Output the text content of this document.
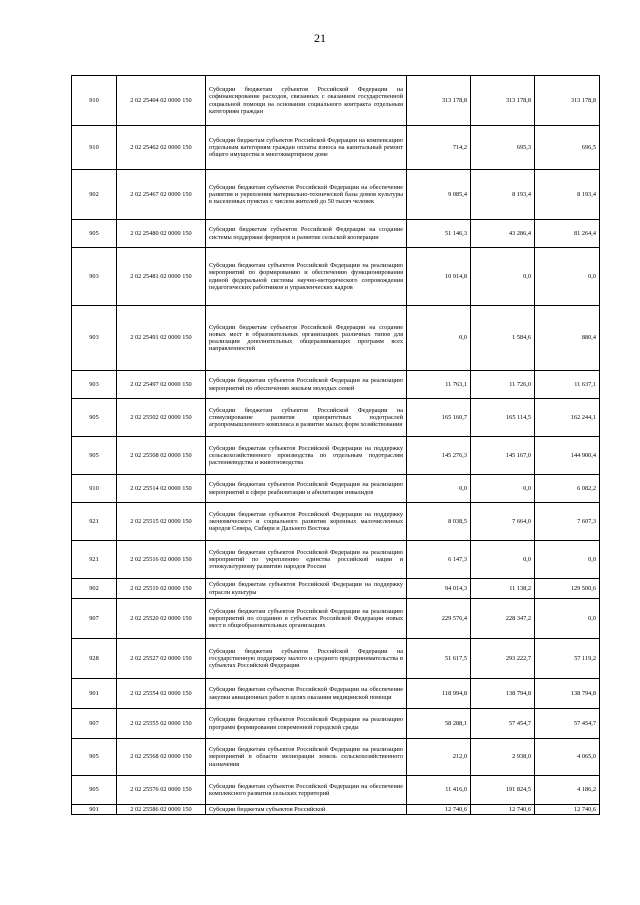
21
910	2 02 25404 02 0000 150	Субсидии бюджетам субъектов Российской Федерации на софинансирование расходов, связанных с оказанием государственной социальной помощи на основании социального контракта отдельным категориям граждан	313 178,8	313 178,8	313 178,8
910	2 02 25462 02 0000 150	Субсидии бюджетам субъектов Российской Федерации на компенсацию отдельным категориям граждан оплаты взноса на капитальный ремонт общего имущества в многоквартирном доме	714,2	695,3	696,5
902	2 02 25467 02 0000 150	Субсидии бюджетам субъектов Российской Федерации на обеспечение развития и укрепления материально-технической базы домов культуры в населенных пунктах с числом жителей до 50 тысяч человек	9 085,4	8 193,4	8 193,4
905	2 02 25480 02 0000 150	Субсидии бюджетам субъектов Российской Федерации на создание системы поддержки фермеров и развитие сельской кооперации	51 146,3	43 286,4	81 264,4
903	2 02 25481 02 0000 150	Субсидии бюджетам субъектов Российской Федерации на реализацию мероприятий по формированию и обеспечению функционирования единой федеральной системы научно-методического сопровождения педагогических работников и управленческих кадров	10 914,8	0,0	0,0
903	2 02 25491 02 0000 150	Субсидии бюджетам субъектов Российской Федерации на создание новых мест в образовательных организациях различных типов для реализации дополнительных общеразвивающих программ всех направленностей	0,0	1 584,6	880,4
903	2 02 25497 02 0000 150	Субсидии бюджетам субъектов Российской Федерации на реализацию мероприятий по обеспечению жильем молодых семей	11 763,1	11 726,0	11 637,1
905	2 02 25502 02 0000 150	Субсидии бюджетам субъектов Российской Федерации на стимулирование развития приоритетных подотраслей агропромышленного комплекса и развитие малых форм хозяйствования	165 160,7	165 114,5	162 244,1
905	2 02 25508 02 0000 150	Субсидии бюджетам субъектов Российской Федерации на поддержку сельскохозяйственного производства по отдельным подотраслям растениеводства и животноводства	145 276,3	145 167,0	144 900,4
910	2 02 25514 02 0000 150	Субсидии бюджетам субъектов Российской Федерации на реализацию мероприятий в сфере реабилитации и абилитации инвалидов	0,0	0,0	6 082,2
921	2 02 25515 02 0000 150	Субсидии бюджетам субъектов Российской Федерации на поддержку экономического и социального развития коренных малочисленных народов Севера, Сибири и Дальнего Востока	8 038,5	7 664,0	7 607,3
921	2 02 25516 02 0000 150	Субсидии бюджетам субъектов Российской Федерации на реализацию мероприятий по укреплению единства российской нации и этнокультурному развитию народов России	6 147,3	0,0	0,0
902	2 02 25519 02 0000 150	Субсидии бюджетам субъектов Российской Федерации на поддержку отрасли культуры	94 014,3	11 138,2	129 500,6
907	2 02 25520 02 0000 150	Субсидии бюджетам субъектов Российской Федерации на реализацию мероприятий по созданию в субъектах Российской Федерации новых мест в общеобразовательных организациях	229 576,4	228 347,2	0,0
928	2 02 25527 02 0000 150	Субсидии бюджетам субъектов Российской Федерации на государственную поддержку малого и среднего предпринимательства в субъектах Российской Федерации	51 617,5	293 222,7	57 119,2
901	2 02 25554 02 0000 150	Субсидии бюджетам субъектов Российской Федерации на обеспечение закупки авиационных работ в целях оказания медицинской помощи	118 994,8	138 794,8	138 794,8
907	2 02 25555 02 0000 150	Субсидии бюджетам субъектов Российской Федерации на реализацию программ формирования современной городской среды	58 288,1	57 454,7	57 454,7
905	2 02 25568 02 0000 150	Субсидии бюджетам субъектов Российской Федерации на реализацию мероприятий в области мелиорации земель сельскохозяйственного назначения	212,0	2 938,0	4 065,0
905	2 02 25576 02 0000 150	Субсидии бюджетам субъектов Российской Федерации на обеспечение комплексного развития сельских территорий	11 416,0	191 824,5	4 186,2
901	2 02 25586 02 0000 150	Субсидии бюджетам субъектов Российской	12 740,6	12 740,6	12 740,6
